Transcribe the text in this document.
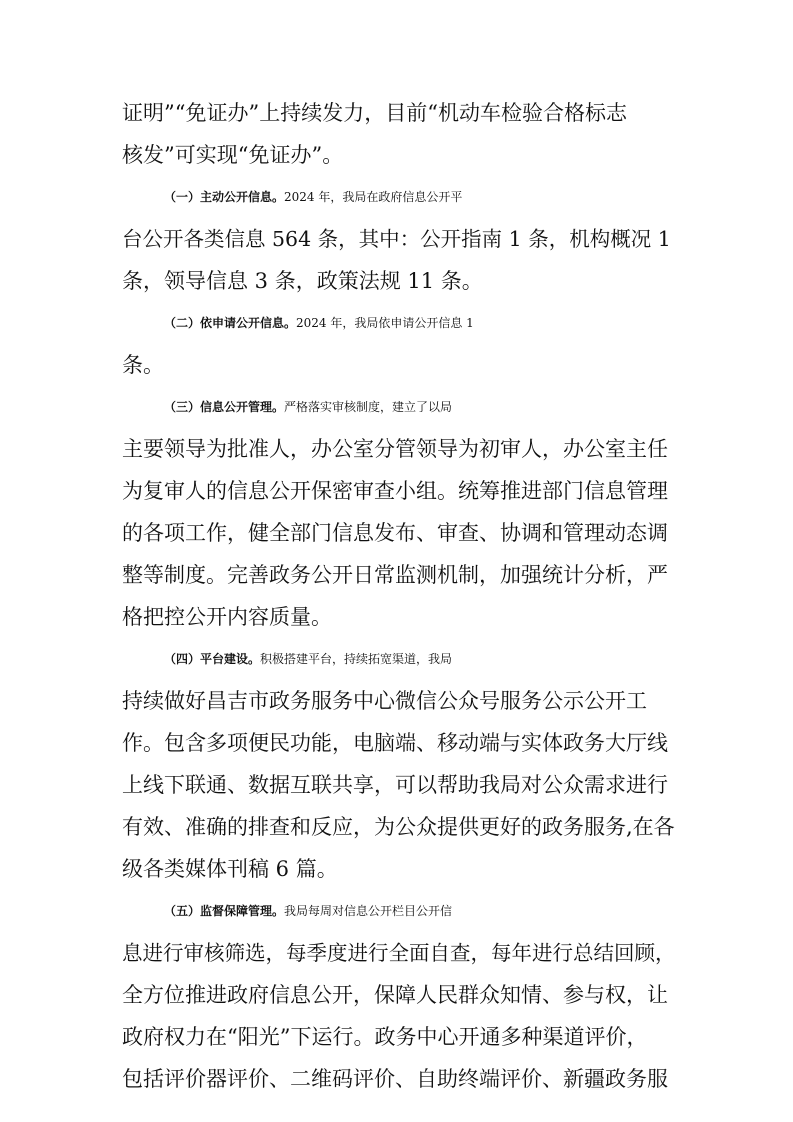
证明”“免证办”上持续发力，目前“机动车检验合格标志
核发”可实现“免证办”。
（一）主动公开信息。2024 年，我局在政府信息公开平
台公开各类信息 564 条，其中：公开指南 1 条，机构概况 1
条，领导信息 3 条，政策法规 11 条。
（二）依申请公开信息。2024 年，我局依申请公开信息 1
条。
（三）信息公开管理。严格落实审核制度，建立了以局
主要领导为批准人，办公室分管领导为初审人，办公室主任
为复审人的信息公开保密审查小组。统筹推进部门信息管理
的各项工作，健全部门信息发布、审查、协调和管理动态调
整等制度。完善政务公开日常监测机制，加强统计分析，严
格把控公开内容质量。
（四）平台建设。积极搭建平台，持续拓宽渠道，我局
持续做好昌吉市政务服务中心微信公众号服务公示公开工
作。包含多项便民功能，电脑端、移动端与实体政务大厅线
上线下联通、数据互联共享，可以帮助我局对公众需求进行
有效、准确的排查和反应，为公众提供更好的政务服务,在各
级各类媒体刊稿 6 篇。
（五）监督保障管理。我局每周对信息公开栏目公开信
息进行审核筛选，每季度进行全面自查，每年进行总结回顾，
全方位推进政府信息公开，保障人民群众知情、参与权，让
政府权力在“阳光”下运行。政务中心开通多种渠道评价，
包括评价器评价、二维码评价、自助终端评价、新疆政务服
